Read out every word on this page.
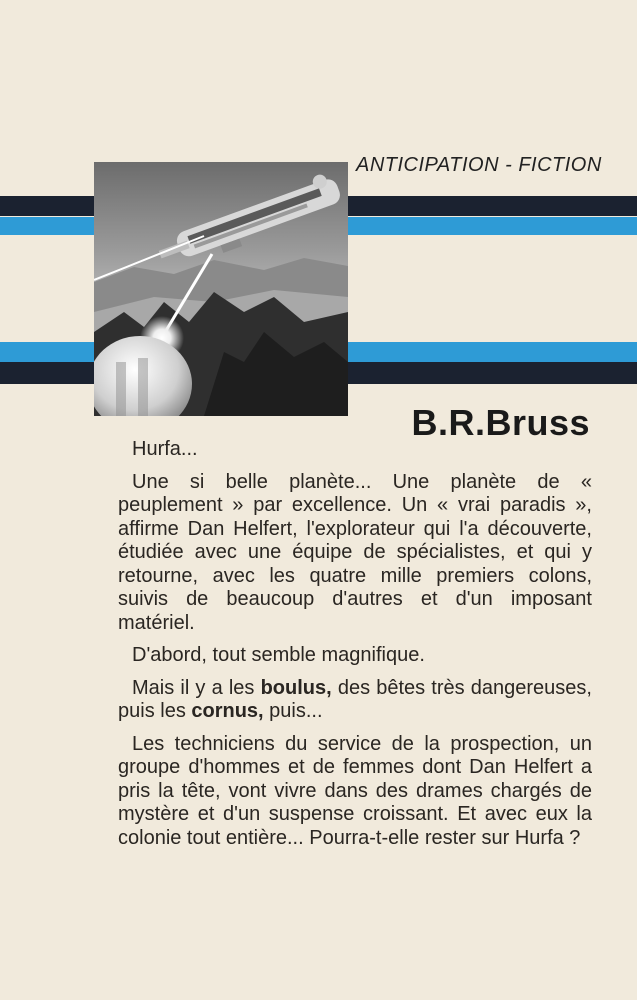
ANTICIPATION - FICTION
B.R.Bruss

Hurfa...

Une si belle planète... Une planète de « peuplement » par excellence. Un « vrai paradis », affirme Dan Helfert, l'explorateur qui l'a découverte, étudiée avec une équipe de spécialistes, et qui y retourne, avec les quatre mille premiers colons, suivis de beaucoup d'autres et d'un imposant matériel.

D'abord, tout semble magnifique.

Mais il y a les boulus, des bêtes très dangereuses, puis les cornus, puis...

Les techniciens du service de la prospection, un groupe d'hommes et de femmes dont Dan Helfert a pris la tête, vont vivre dans des drames chargés de mystère et d'un suspense croissant. Et avec eux la colonie tout entière... Pourra-t-elle rester sur Hurfa ?
